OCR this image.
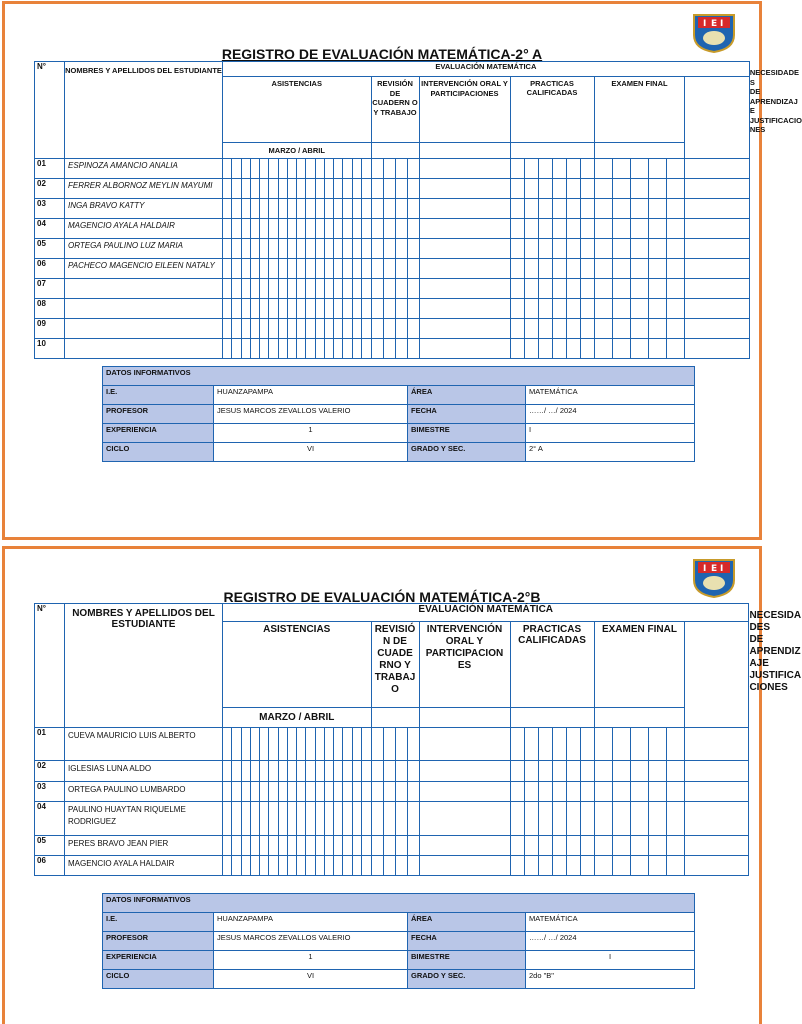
I E I
REGISTRO DE EVALUACIÓN MATEMÁTICA-2° A
N°	NOMBRES Y APELLIDOS DEL ESTUDIANTE	EVALUACIÓN MATEMÁTICA																																	NECESIDADE S DE APRENDIZAJ E JUSTIFICACIO NES
		ASISTENCIAS																REVISIÓN DE CUADERN O Y TRABAJO				INTERVENCIÓN ORAL Y PARTICIPACIONES	PRACTICAS CALIFICADAS						EXAMEN FINAL						
		MARZO / ABRIL																																	
01	ESPINOZA AMANCIO ANALIA																																		
02	FERRER ALBORNOZ MEYLIN MAYUMI																																		
03	INGA BRAVO KATTY																																		
04	MAGENCIO AYALA HALDAIR																																		
05	ORTEGA PAULINO LUZ MARIA																																		
06	PACHECO MAGENCIO EILEEN NATALY																																		
07																																			
08																																			
09																																			
10																																			
DATOS INFORMATIVOS			
I.E.	HUANZAPAMPA	ÁREA	MATEMÁTICA
PROFESOR	JESUS MARCOS ZEVALLOS VALERIO	FECHA	……/ …/ 2024
EXPERIENCIA	1	BIMESTRE	I
CICLO	VI	GRADO Y SEC.	2° A
I E I
REGISTRO DE EVALUACIÓN MATEMÁTICA-2°B
N°	NOMBRES Y APELLIDOS DEL ESTUDIANTE	EVALUACIÓN MATEMÁTICA																																	NECESIDA DES DE APRENDIZ AJE JUSTIFICA CIONES
		ASISTENCIAS																REVISIÓ N DE CUADE RNO Y TRABAJ O				INTERVENCIÓN ORAL Y PARTICIPACION ES	PRACTICAS CALIFICADAS						EXAMEN FINAL						
		MARZO / ABRIL																																	
01	CUEVA MAURICIO LUIS ALBERTO																																		
02	IGLESIAS LUNA ALDO																																		
03	ORTEGA PAULINO LUMBARDO																																		
04	PAULINO HUAYTAN RIQUELME RODRIGUEZ																																		
05	PERES BRAVO JEAN PIER																																		
06	MAGENCIO AYALA HALDAIR																																		
DATOS INFORMATIVOS			
I.E.	HUANZAPAMPA	ÁREA	MATEMÁTICA
PROFESOR	JESUS MARCOS ZEVALLOS VALERIO	FECHA	……/ …/ 2024
EXPERIENCIA	1	BIMESTRE	I
CICLO	VI	GRADO Y SEC.	2do "B"
